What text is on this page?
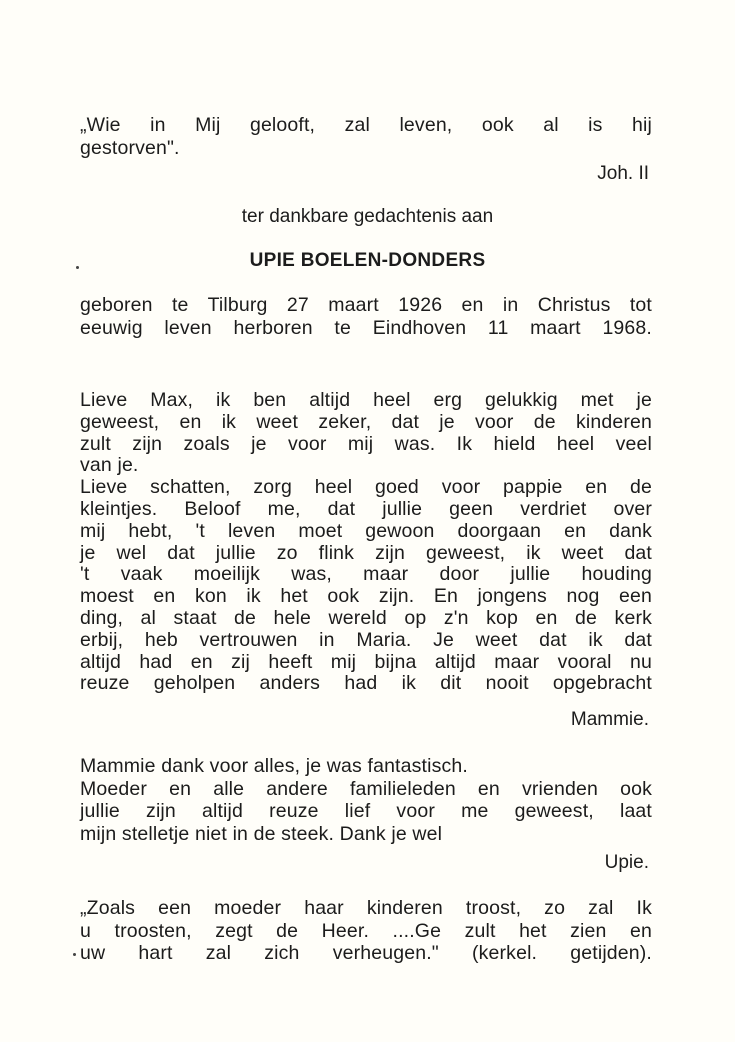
„Wie in Mij gelooft, zal leven, ook al is hij
gestorven".
Joh. II
ter dankbare gedachtenis aan
UPIE BOELEN-DONDERS
geboren te Tilburg 27 maart 1926 en in Christus tot
eeuwig leven herboren te Eindhoven 11 maart 1968.
Lieve Max, ik ben altijd heel erg gelukkig met je
geweest, en ik weet zeker, dat je voor de kinderen
zult zijn zoals je voor mij was. Ik hield heel veel
van je.
Lieve schatten, zorg heel goed voor pappie en de
kleintjes. Beloof me, dat jullie geen verdriet over
mij hebt, 't leven moet gewoon doorgaan en dank
je wel dat jullie zo flink zijn geweest, ik weet dat
't vaak moeilijk was, maar door jullie houding
moest en kon ik het ook zijn. En jongens nog een
ding, al staat de hele wereld op z'n kop en de kerk
erbij, heb vertrouwen in Maria. Je weet dat ik dat
altijd had en zij heeft mij bijna altijd maar vooral nu
reuze geholpen anders had ik dit nooit opgebracht
Mammie.
Mammie dank voor alles, je was fantastisch.
Moeder en alle andere familieleden en vrienden ook
jullie zijn altijd reuze lief voor me geweest, laat
mijn stelletje niet in de steek. Dank je wel
Upie.
„Zoals een moeder haar kinderen troost, zo zal Ik
u troosten, zegt de Heer. ....Ge zult het zien en
uw hart zal zich verheugen." (kerkel. getijden).
